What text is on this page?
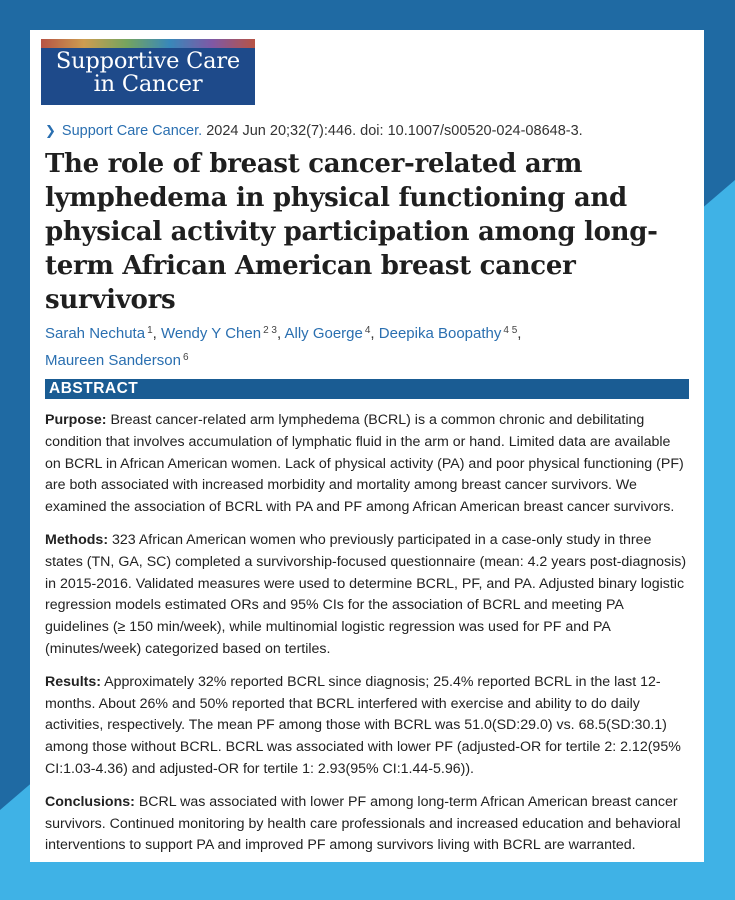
Supportive Care
in Cancer
❯ Support Care Cancer. 2024 Jun 20;32(7):446. doi: 10.1007/s00520-024-08648-3.
The role of breast cancer-related arm lymphedema in physical functioning and physical activity participation among long-term African American breast cancer survivors
Sarah Nechuta $^1$, Wendy Y Chen $^{2 3}$, Ally Goerge $^4$, Deepika Boopathy $^{4 5}$,
Maureen Sanderson $^6$
ABSTRACT
Purpose: Breast cancer-related arm lymphedema (BCRL) is a common chronic and debilitating condition that involves accumulation of lymphatic fluid in the arm or hand. Limited data are available on BCRL in African American women. Lack of physical activity (PA) and poor physical functioning (PF) are both associated with increased morbidity and mortality among breast cancer survivors. We examined the association of BCRL with PA and PF among African American breast cancer survivors.
Methods: 323 African American women who previously participated in a case-only study in three states (TN, GA, SC) completed a survivorship-focused questionnaire (mean: 4.2 years post-diagnosis) in 2015-2016. Validated measures were used to determine BCRL, PF, and PA. Adjusted binary logistic regression models estimated ORs and 95% CIs for the association of BCRL and meeting PA guidelines (≥ 150 min/week), while multinomial logistic regression was used for PF and PA (minutes/week) categorized based on tertiles.
Results: Approximately 32% reported BCRL since diagnosis; 25.4% reported BCRL in the last 12-months. About 26% and 50% reported that BCRL interfered with exercise and ability to do daily activities, respectively. The mean PF among those with BCRL was 51.0(SD:29.0) vs. 68.5(SD:30.1) among those without BCRL. BCRL was associated with lower PF (adjusted-OR for tertile 2: 2.12(95% CI:1.03-4.36) and adjusted-OR for tertile 1: 2.93(95% CI:1.44-5.96)).
Conclusions: BCRL was associated with lower PF among long-term African American breast cancer survivors. Continued monitoring by health care professionals and increased education and behavioral interventions to support PA and improved PF among survivors living with BCRL are warranted.
